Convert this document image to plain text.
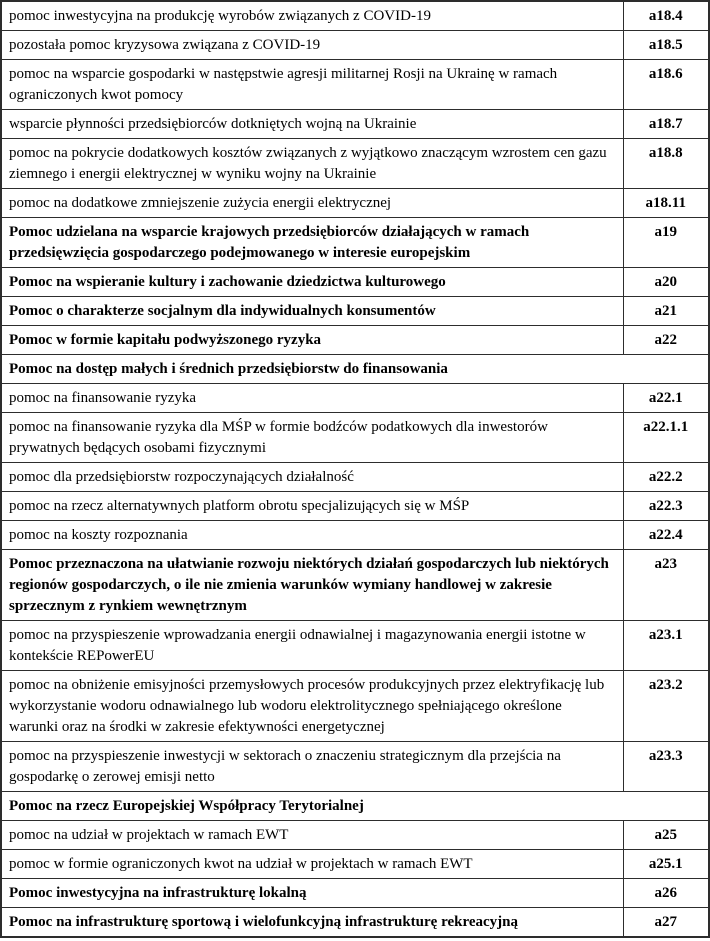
pomoc inwestycyjna na produkcję wyrobów związanych z COVID-19	a18.4
pozostała pomoc kryzysowa związana z COVID-19	a18.5
pomoc na wsparcie gospodarki w następstwie agresji militarnej Rosji na Ukrainę w ramach ograniczonych kwot pomocy	a18.6
wsparcie płynności przedsiębiorców dotkniętych wojną na Ukrainie	a18.7
pomoc na pokrycie dodatkowych kosztów związanych z wyjątkowo znaczącym wzrostem cen gazu ziemnego i energii elektrycznej w wyniku wojny na Ukrainie	a18.8
pomoc na dodatkowe zmniejszenie zużycia energii elektrycznej	a18.11
Pomoc udzielana na wsparcie krajowych przedsiębiorców działających w ramach przedsięwzięcia gospodarczego podejmowanego w interesie europejskim	a19
Pomoc na wspieranie kultury i zachowanie dziedzictwa kulturowego	a20
Pomoc o charakterze socjalnym dla indywidualnych konsumentów	a21
Pomoc w formie kapitału podwyższonego ryzyka	a22
Pomoc na dostęp małych i średnich przedsiębiorstw do finansowania	
pomoc na finansowanie ryzyka	a22.1
pomoc na finansowanie ryzyka dla MŚP w formie bodźców podatkowych dla inwestorów prywatnych będących osobami fizycznymi	a22.1.1
pomoc dla przedsiębiorstw rozpoczynających działalność	a22.2
pomoc na rzecz alternatywnych platform obrotu specjalizujących się w MŚP	a22.3
pomoc na koszty rozpoznania	a22.4
Pomoc przeznaczona na ułatwianie rozwoju niektórych działań gospodarczych lub niektórych regionów gospodarczych, o ile nie zmienia warunków wymiany handlowej w zakresie sprzecznym z rynkiem wewnętrznym	a23
pomoc na przyspieszenie wprowadzania energii odnawialnej i magazynowania energii istotne w kontekście REPowerEU	a23.1
pomoc na obniżenie emisyjności przemysłowych procesów produkcyjnych przez elektryfikację lub wykorzystanie wodoru odnawialnego lub wodoru elektrolitycznego spełniającego określone warunki oraz na środki w zakresie efektywności energetycznej	a23.2
pomoc na przyspieszenie inwestycji w sektorach o znaczeniu strategicznym dla przejścia na gospodarkę o zerowej emisji netto	a23.3
Pomoc na rzecz Europejskiej Współpracy Terytorialnej	
pomoc na udział w projektach w ramach EWT	a25
pomoc w formie ograniczonych kwot na udział w projektach w ramach EWT	a25.1
Pomoc inwestycyjna na infrastrukturę lokalną	a26
Pomoc na infrastrukturę sportową i wielofunkcyjną infrastrukturę rekreacyjną	a27
